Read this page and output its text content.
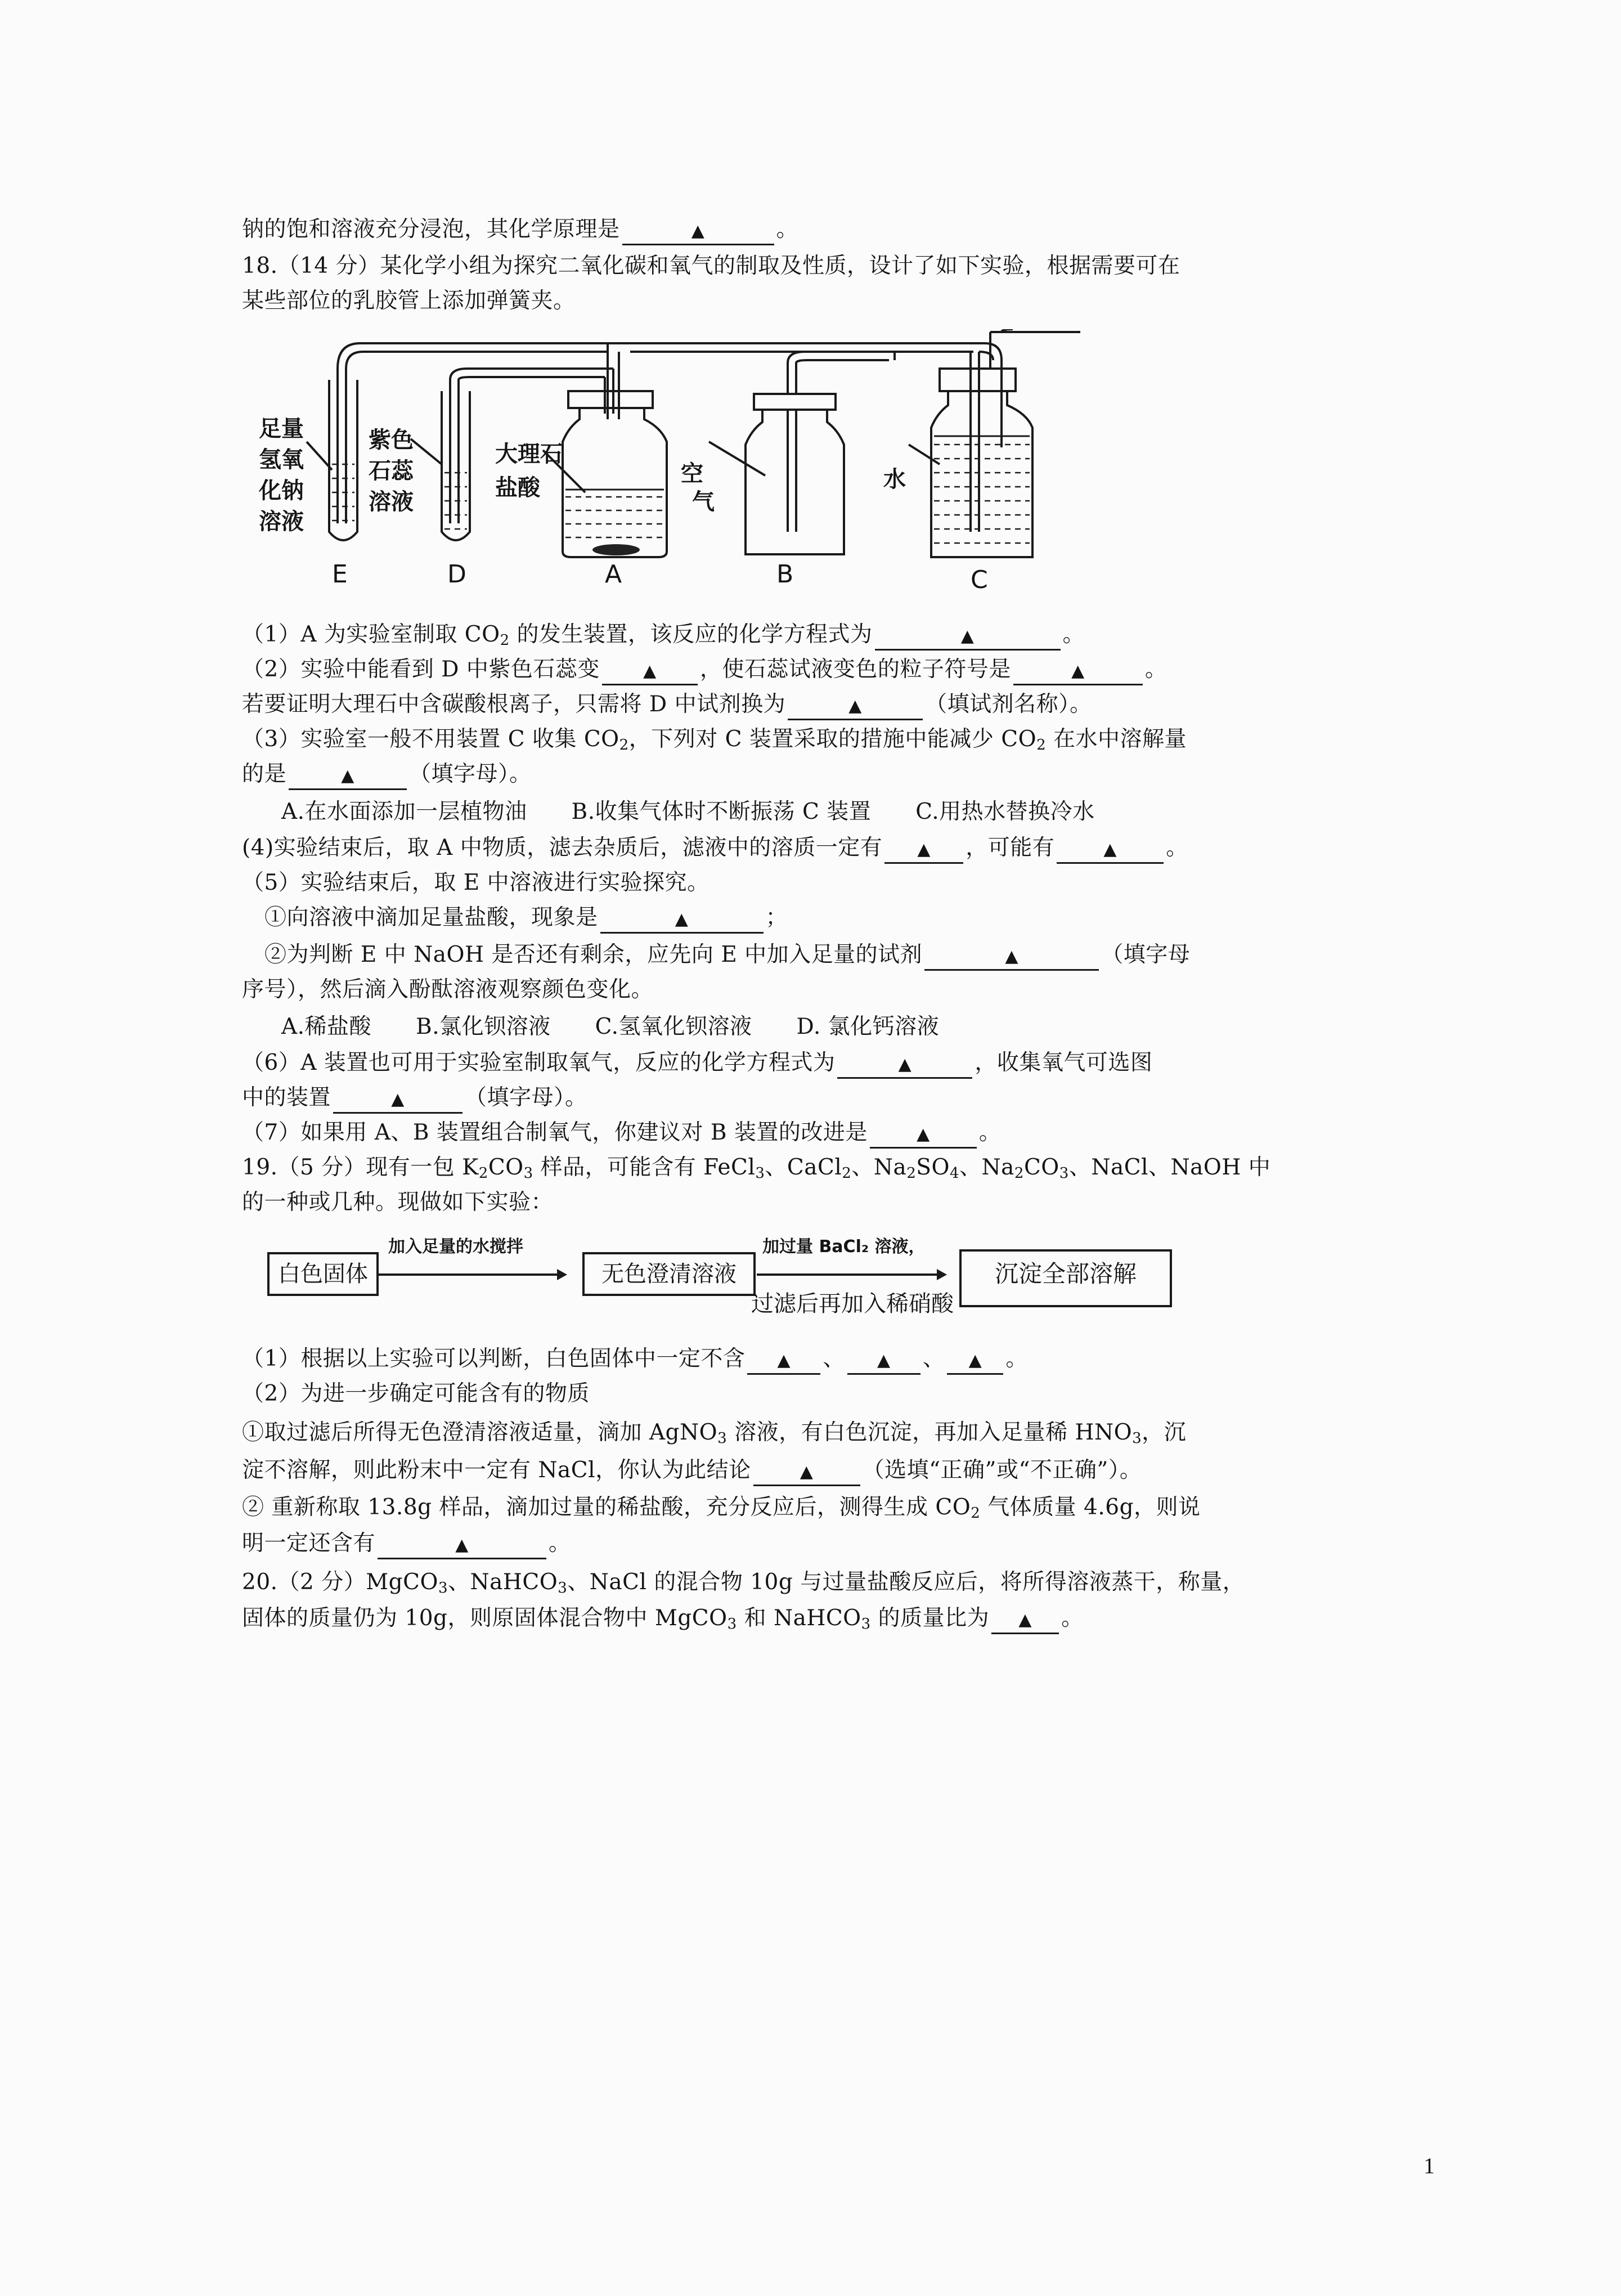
钠的饱和溶液充分浸泡，其化学原理是	▲	。
18.（14 分）某化学小组为探究二氧化碳和氧气的制取及性质，设计了如下实验，根据需要可在
某些部位的乳胶管上添加弹簧夹。
足量
氢氧
化钠
溶液
紫色
石蕊
溶液
大理石
盐酸
空
气
水
E	D	A	B	C
（1）A 为实验室制取 $CO_2$ 的发生装置，该反应的化学方程式为	▲	。
（2）实验中能看到 D 中紫色石蕊变	▲ ，使石蕊试液变色的粒子符号是	▲	。
若要证明大理石中含碳酸根离子，只需将 D 中试剂换为	▲	（填试剂名称）。
（3）实验室一般不用装置 C 收集 $CO_2$，下列对 C 装置采取的措施中能减少 $CO_2$ 在水中溶解量
的是	▲ （填字母）。
A.在水面添加一层植物油　　B.收集气体时不断振荡 C 装置　　C.用热水替换冷水
(4)实验结束后，取 A 中物质，滤去杂质后，滤液中的溶质一定有 ▲ ，可能有	▲ 。
（5）实验结束后，取 E 中溶液进行实验探究。
①向溶液中滴加足量盐酸，现象是	▲	；
②为判断 E 中 NaOH 是否还有剩余，应先向 E 中加入足量的试剂	▲	（填字母
序号），然后滴入酚酞溶液观察颜色变化。
A.稀盐酸　　B.氯化钡溶液　　C.氢氧化钡溶液　　D. 氯化钙溶液
（6）A 装置也可用于实验室制取氧气，反应的化学方程式为	▲	，收集氧气可选图
中的装置	▲	（填字母）。
（7）如果用 A、B 装置组合制氧气，你建议对 B 装置的改进是	▲ 。
19.（5 分）现有一包 $K_2CO_3$ 样品，可能含有 FeCl$_3$、CaCl$_2$、$Na_2SO_4$、$Na_2CO_3$、NaCl、NaOH 中
的一种或几种。现做如下实验：
白色固体
加入足量的水搅拌
无色澄清溶液
加过量 BaCl₂ 溶液，
过滤后再加入稀硝酸
沉淀全部溶解
（1）根据以上实验可以判断，白色固体中一定不含 ▲ 、 ▲ 、 ▲ 。
（2）为进一步确定可能含有的物质
①取过滤后所得无色澄清溶液适量，滴加 AgNO$_3$ 溶液，有白色沉淀，再加入足量稀 $HNO_3$，沉
淀不溶解，则此粉末中一定有 NaCl，你认为此结论	▲ （选填“正确”或“不正确”）。
② 重新称取 13.8g 样品，滴加过量的稀盐酸，充分反应后，测得生成 $CO_2$ 气体质量 4.6g，则说
明一定还含有	▲	。
20.（2 分）MgCO$_3$、NaHCO$_3$、NaCl 的混合物 10g 与过量盐酸反应后，将所得溶液蒸干，称量，
固体的质量仍为 10g，则原固体混合物中 MgCO$_3$ 和 NaHCO$_3$ 的质量比为 ▲ 。
1
